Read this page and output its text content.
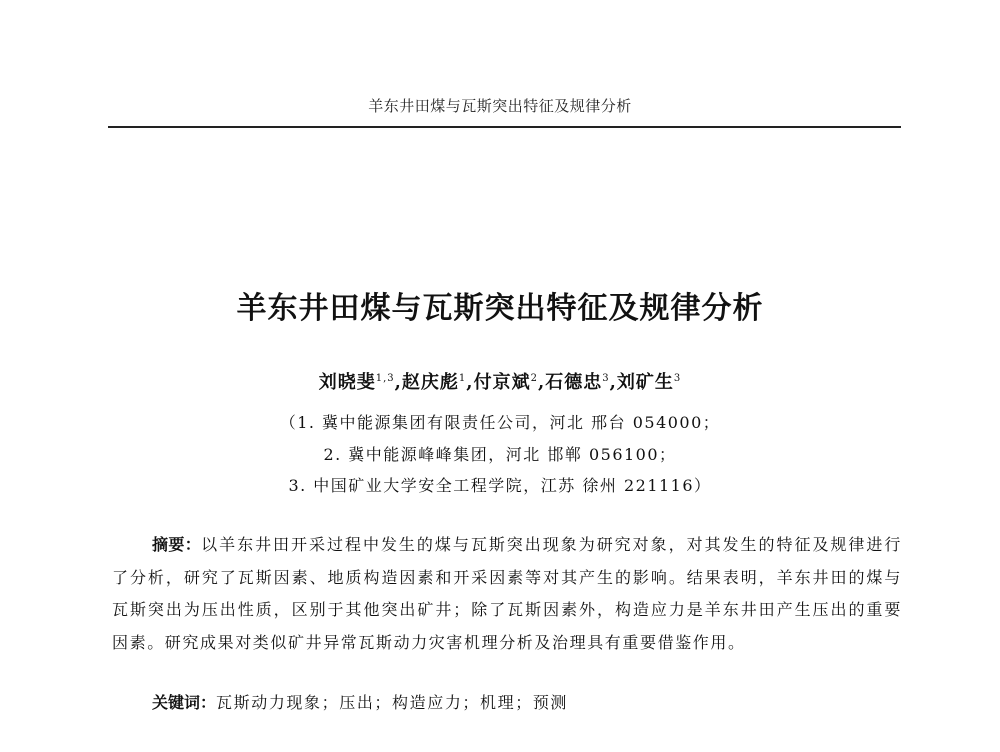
羊东井田煤与瓦斯突出特征及规律分析
羊东井田煤与瓦斯突出特征及规律分析
刘晓斐$^{1,3}$,赵庆彪$^1$,付京斌$^2$,石德忠$^3$,刘矿生$^3$
（1. 冀中能源集团有限责任公司，河北 邢台 054000；
2. 冀中能源峰峰集团，河北 邯郸 056100；
3. 中国矿业大学安全工程学院，江苏 徐州 221116）

摘要：以羊东井田开采过程中发生的煤与瓦斯突出现象为研究对象，对其发生的特征及规律进行了分析，研究了瓦斯因素、地质构造因素和开采因素等对其产生的影响。结果表明，羊东井田的煤与瓦斯突出为压出性质，区别于其他突出矿井；除了瓦斯因素外，构造应力是羊东井田产生压出的重要因素。研究成果对类似矿井异常瓦斯动力灾害机理分析及治理具有重要借鉴作用。

关键词：瓦斯动力现象；压出；构造应力；机理；预测
